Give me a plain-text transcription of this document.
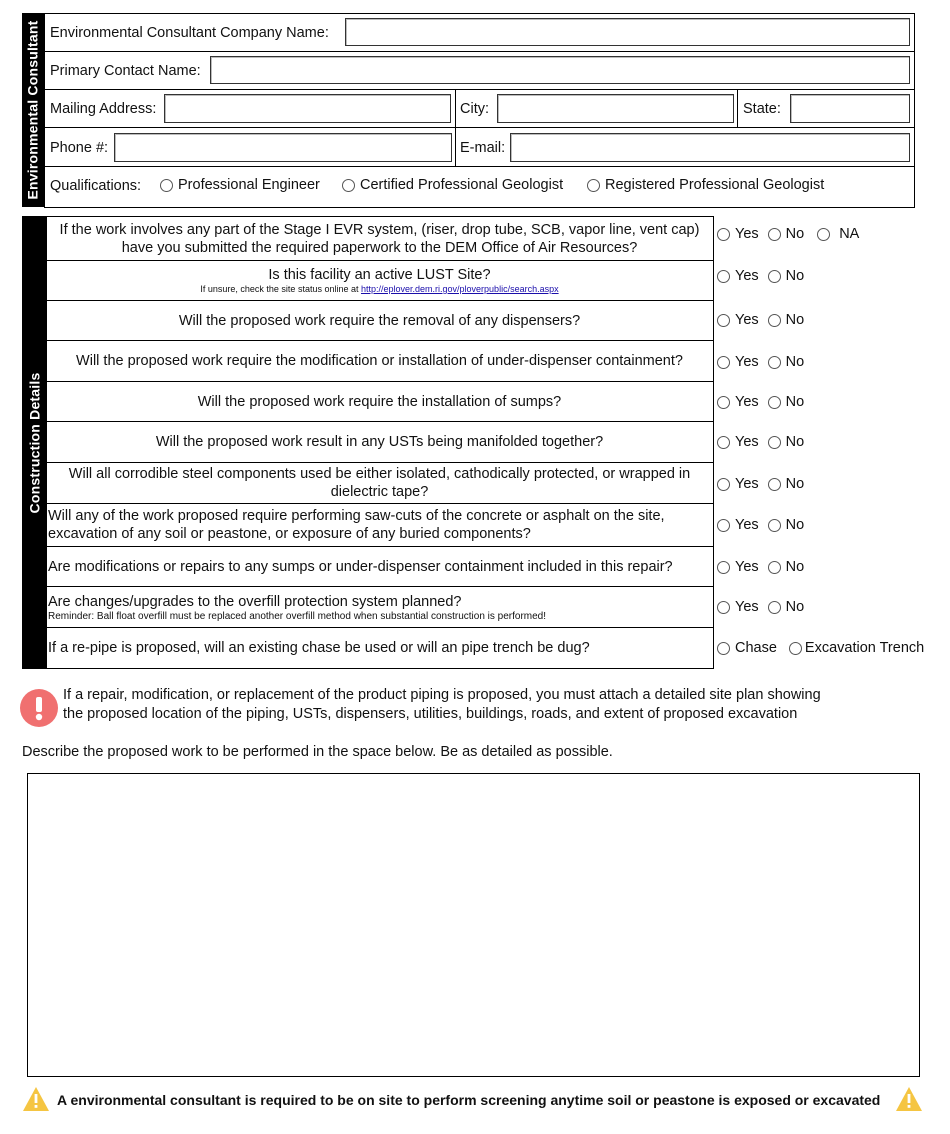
Environmental Consultant Environmental Consultant Company Name:
Primary Contact Name:
Mailing Address:	City:	State:
Phone #:	E-mail:
Qualifications:	Professional Engineer	Certified Professional Geologist	Registered Professional Geologist
Construction Details
If the work involves any part of the Stage I EVR system, (riser, drop tube, SCB, vapor line, vent cap)
have you submitted the required paperwork to the DEM Office of Air Resources?
Yes No NA
Is this facility an active LUST Site?
If unsure, check the site status online at http://eplover.dem.ri.gov/ploverpublic/search.aspx
Yes No
Will the proposed work require the removal of any dispensers?	Yes No
Will the proposed work require the modification or installation of under-dispenser containment?	Yes No
Will the proposed work require the installation of sumps?	Yes No
Will the proposed work result in any USTs being manifolded together?	Yes No
Will all corrodible steel components used be either isolated, cathodically protected, or wrapped in
dielectric tape?	Yes No
Will any of the work proposed require performing saw-cuts of the concrete or asphalt on the site,
excavation of any soil or peastone, or exposure of any buried components?
Yes No
Are modifications or repairs to any sumps or under-dispenser containment included in this repair?	Yes No
Are changes/upgrades to the overfill protection system planned?
Reminder: Ball float overfill must be replaced another overfill method when substantial construction is performed!
Yes No
If a re-pipe is proposed, will an existing chase be used or will an pipe trench be dug?	Chase Excavation Trench
If a repair, modification, or replacement of the product piping is proposed, you must attach a detailed site plan showing
the proposed location of the piping, USTs, dispensers, utilities, buildings, roads, and extent of proposed excavation
Describe the proposed work to be performed in the space below. Be as detailed as possible.
A environmental consultant is required to be on site to perform screening anytime soil or peastone is exposed or excavated
